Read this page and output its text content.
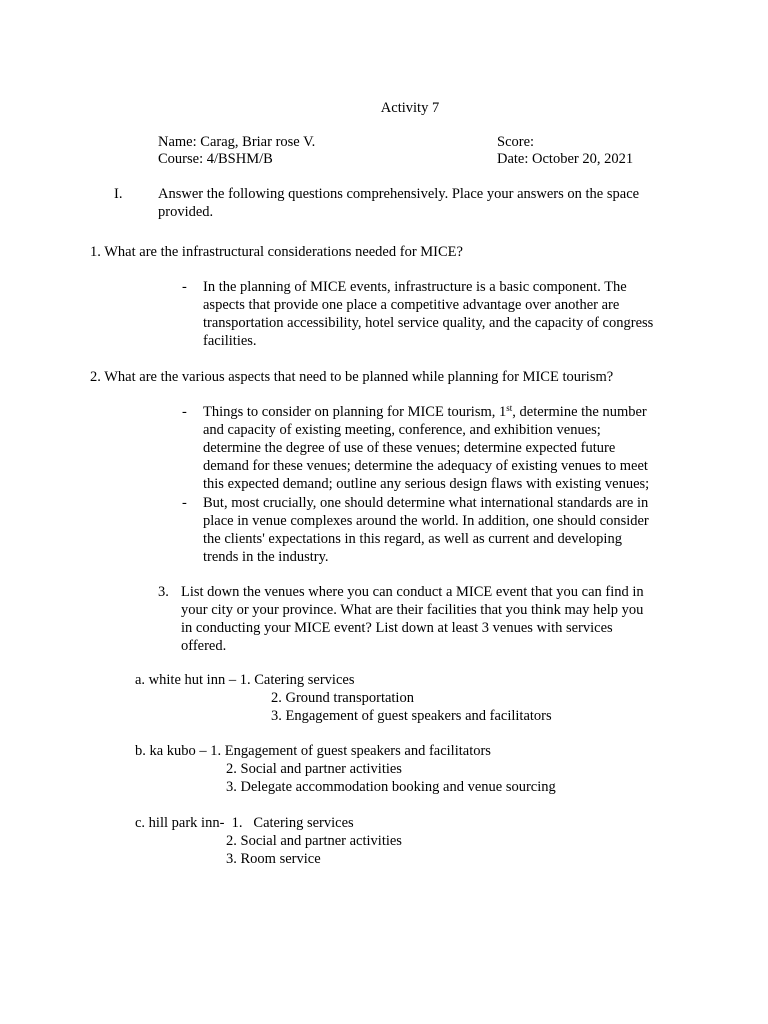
Activity 7
Name: Carag, Briar rose V.
Course: 4/BSHM/B
Score:
Date: October 20, 2021
I. Answer the following questions comprehensively. Place your answers on the space
provided.
1. What are the infrastructural considerations needed for MICE?
- In the planning of MICE events, infrastructure is a basic component. The
aspects that provide one place a competitive advantage over another are
transportation accessibility, hotel service quality, and the capacity of congress
facilities.
2. What are the various aspects that need to be planned while planning for MICE tourism?
- Things to consider on planning for MICE tourism, 1st, determine the number
and capacity of existing meeting, conference, and exhibition venues;
determine the degree of use of these venues; determine expected future
demand for these venues; determine the adequacy of existing venues to meet
this expected demand; outline any serious design flaws with existing venues;
- But, most crucially, one should determine what international standards are in
place in venue complexes around the world. In addition, one should consider
the clients' expectations in this regard, as well as current and developing
trends in the industry.
3. List down the venues where you can conduct a MICE event that you can find in
your city or your province. What are their facilities that you think may help you
in conducting your MICE event? List down at least 3 venues with services
offered.
a. white hut inn – 1. Catering services
2. Ground transportation
3. Engagement of guest speakers and facilitators
b. ka kubo – 1. Engagement of guest speakers and facilitators
2. Social and partner activities
3. Delegate accommodation booking and venue sourcing
c. hill park inn-  1.   Catering services
2. Social and partner activities
3. Room service
